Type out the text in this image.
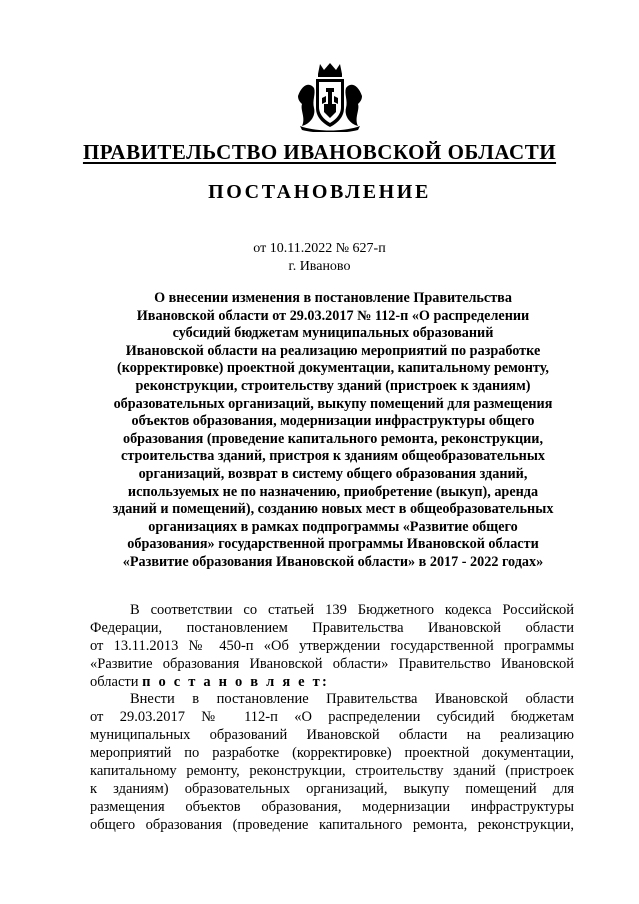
ПРАВИТЕЛЬСТВО ИВАНОВСКОЙ ОБЛАСТИ
ПОСТАНОВЛЕНИЕ
от 10.11.2022 № 627-п
г. Иваново
О внесении изменения в постановление Правительства
Ивановской области от 29.03.2017 № 112-п «О распределении
субсидий бюджетам муниципальных образований
Ивановской области на реализацию мероприятий по разработке
(корректировке) проектной документации, капитальному ремонту,
реконструкции, строительству зданий (пристроек к зданиям)
образовательных организаций, выкупу помещений для размещения
объектов образования, модернизации инфраструктуры общего
образования (проведение капитального ремонта, реконструкции,
строительства зданий, пристроя к зданиям общеобразовательных
организаций, возврат в систему общего образования зданий,
используемых не по назначению, приобретение (выкуп), аренда
зданий и помещений), созданию новых мест в общеобразовательных
организациях в рамках подпрограммы «Развитие общего
образования» государственной программы Ивановской области
«Развитие образования Ивановской области» в 2017 - 2022 годах»
В соответствии со статьей 139 Бюджетного кодекса Российской
Федерации, постановлением Правительства Ивановской области
от 13.11.2013 № 450-п «Об утверждении государственной программы
«Развитие образования Ивановской области» Правительство Ивановской
области п о с т а н о в л я е т:
Внести в постановление Правительства Ивановской области
от 29.03.2017 № 112-п «О распределении субсидий бюджетам
муниципальных образований Ивановской области на реализацию
мероприятий по разработке (корректировке) проектной документации,
капитальному ремонту, реконструкции, строительству зданий (пристроек
к зданиям) образовательных организаций, выкупу помещений для
размещения объектов образования, модернизации инфраструктуры
общего образования (проведение капитального ремонта, реконструкции,
